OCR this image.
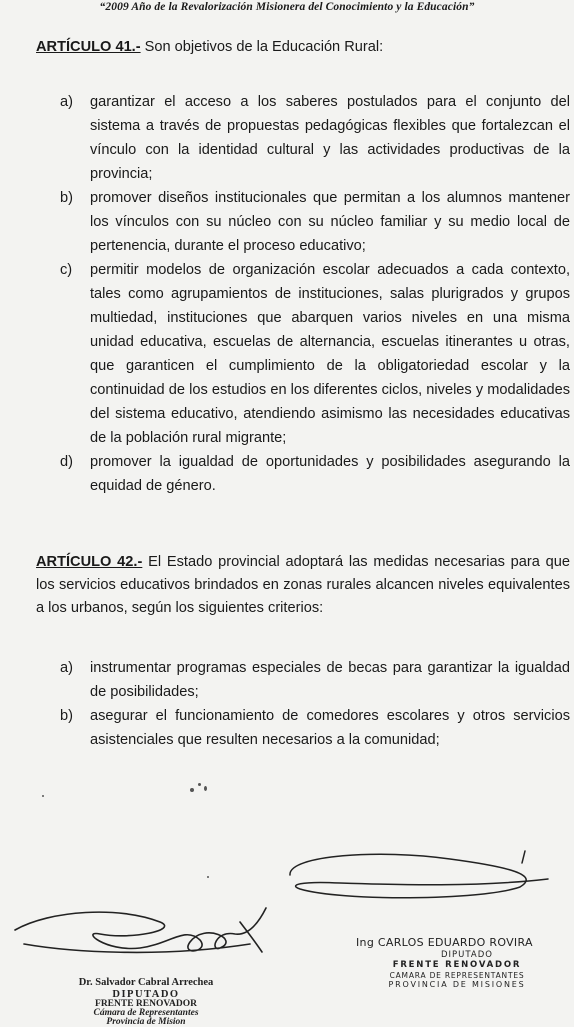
“2009 Año de la Revalorización Misionera del Conocimiento y la Educación”

ARTÍCULO 41.- Son objetivos de la Educación Rural:

a) garantizar el acceso a los saberes postulados para el conjunto del sistema a través de propuestas pedagógicas flexibles que fortalezcan el vínculo con la identidad cultural y las actividades productivas de la provincia;
b) promover diseños institucionales que permitan a los alumnos mantener los vínculos con su núcleo con su núcleo familiar y su medio local de pertenencia, durante el proceso educativo;
c) permitir modelos de organización escolar adecuados a cada contexto, tales como agrupamientos de instituciones, salas plurigrados y grupos multiedad, instituciones que abarquen varios niveles en una misma unidad educativa, escuelas de alternancia, escuelas itinerantes u otras, que garanticen el cumplimiento de la obligatoriedad escolar y la continuidad de los estudios en los diferentes ciclos, niveles y modalidades del sistema educativo, atendiendo asimismo las necesidades educativas de la población rural migrante;
d) promover la igualdad de oportunidades y posibilidades asegurando la equidad de género.

ARTÍCULO 42.- El Estado provincial adoptará las medidas necesarias para que los servicios educativos brindados en zonas rurales alcancen niveles equivalentes a los urbanos, según los siguientes criterios:

a) instrumentar programas especiales de becas para garantizar la igualdad de posibilidades;
b) asegurar el funcionamiento de comedores escolares y otros servicios asistenciales que resulten necesarios a la comunidad;
Dr. Salvador Cabral Arrechea
DIPUTADO
FRENTE RENOVADOR
Cámara de Representantes
Provincia de Mision
Ing CARLOS EDUARDO ROVIRA
DIPUTADO
FRENTE RENOVADOR
CAMARA DE REPRESENTANTES
PROVINCIA DE MISIONES
